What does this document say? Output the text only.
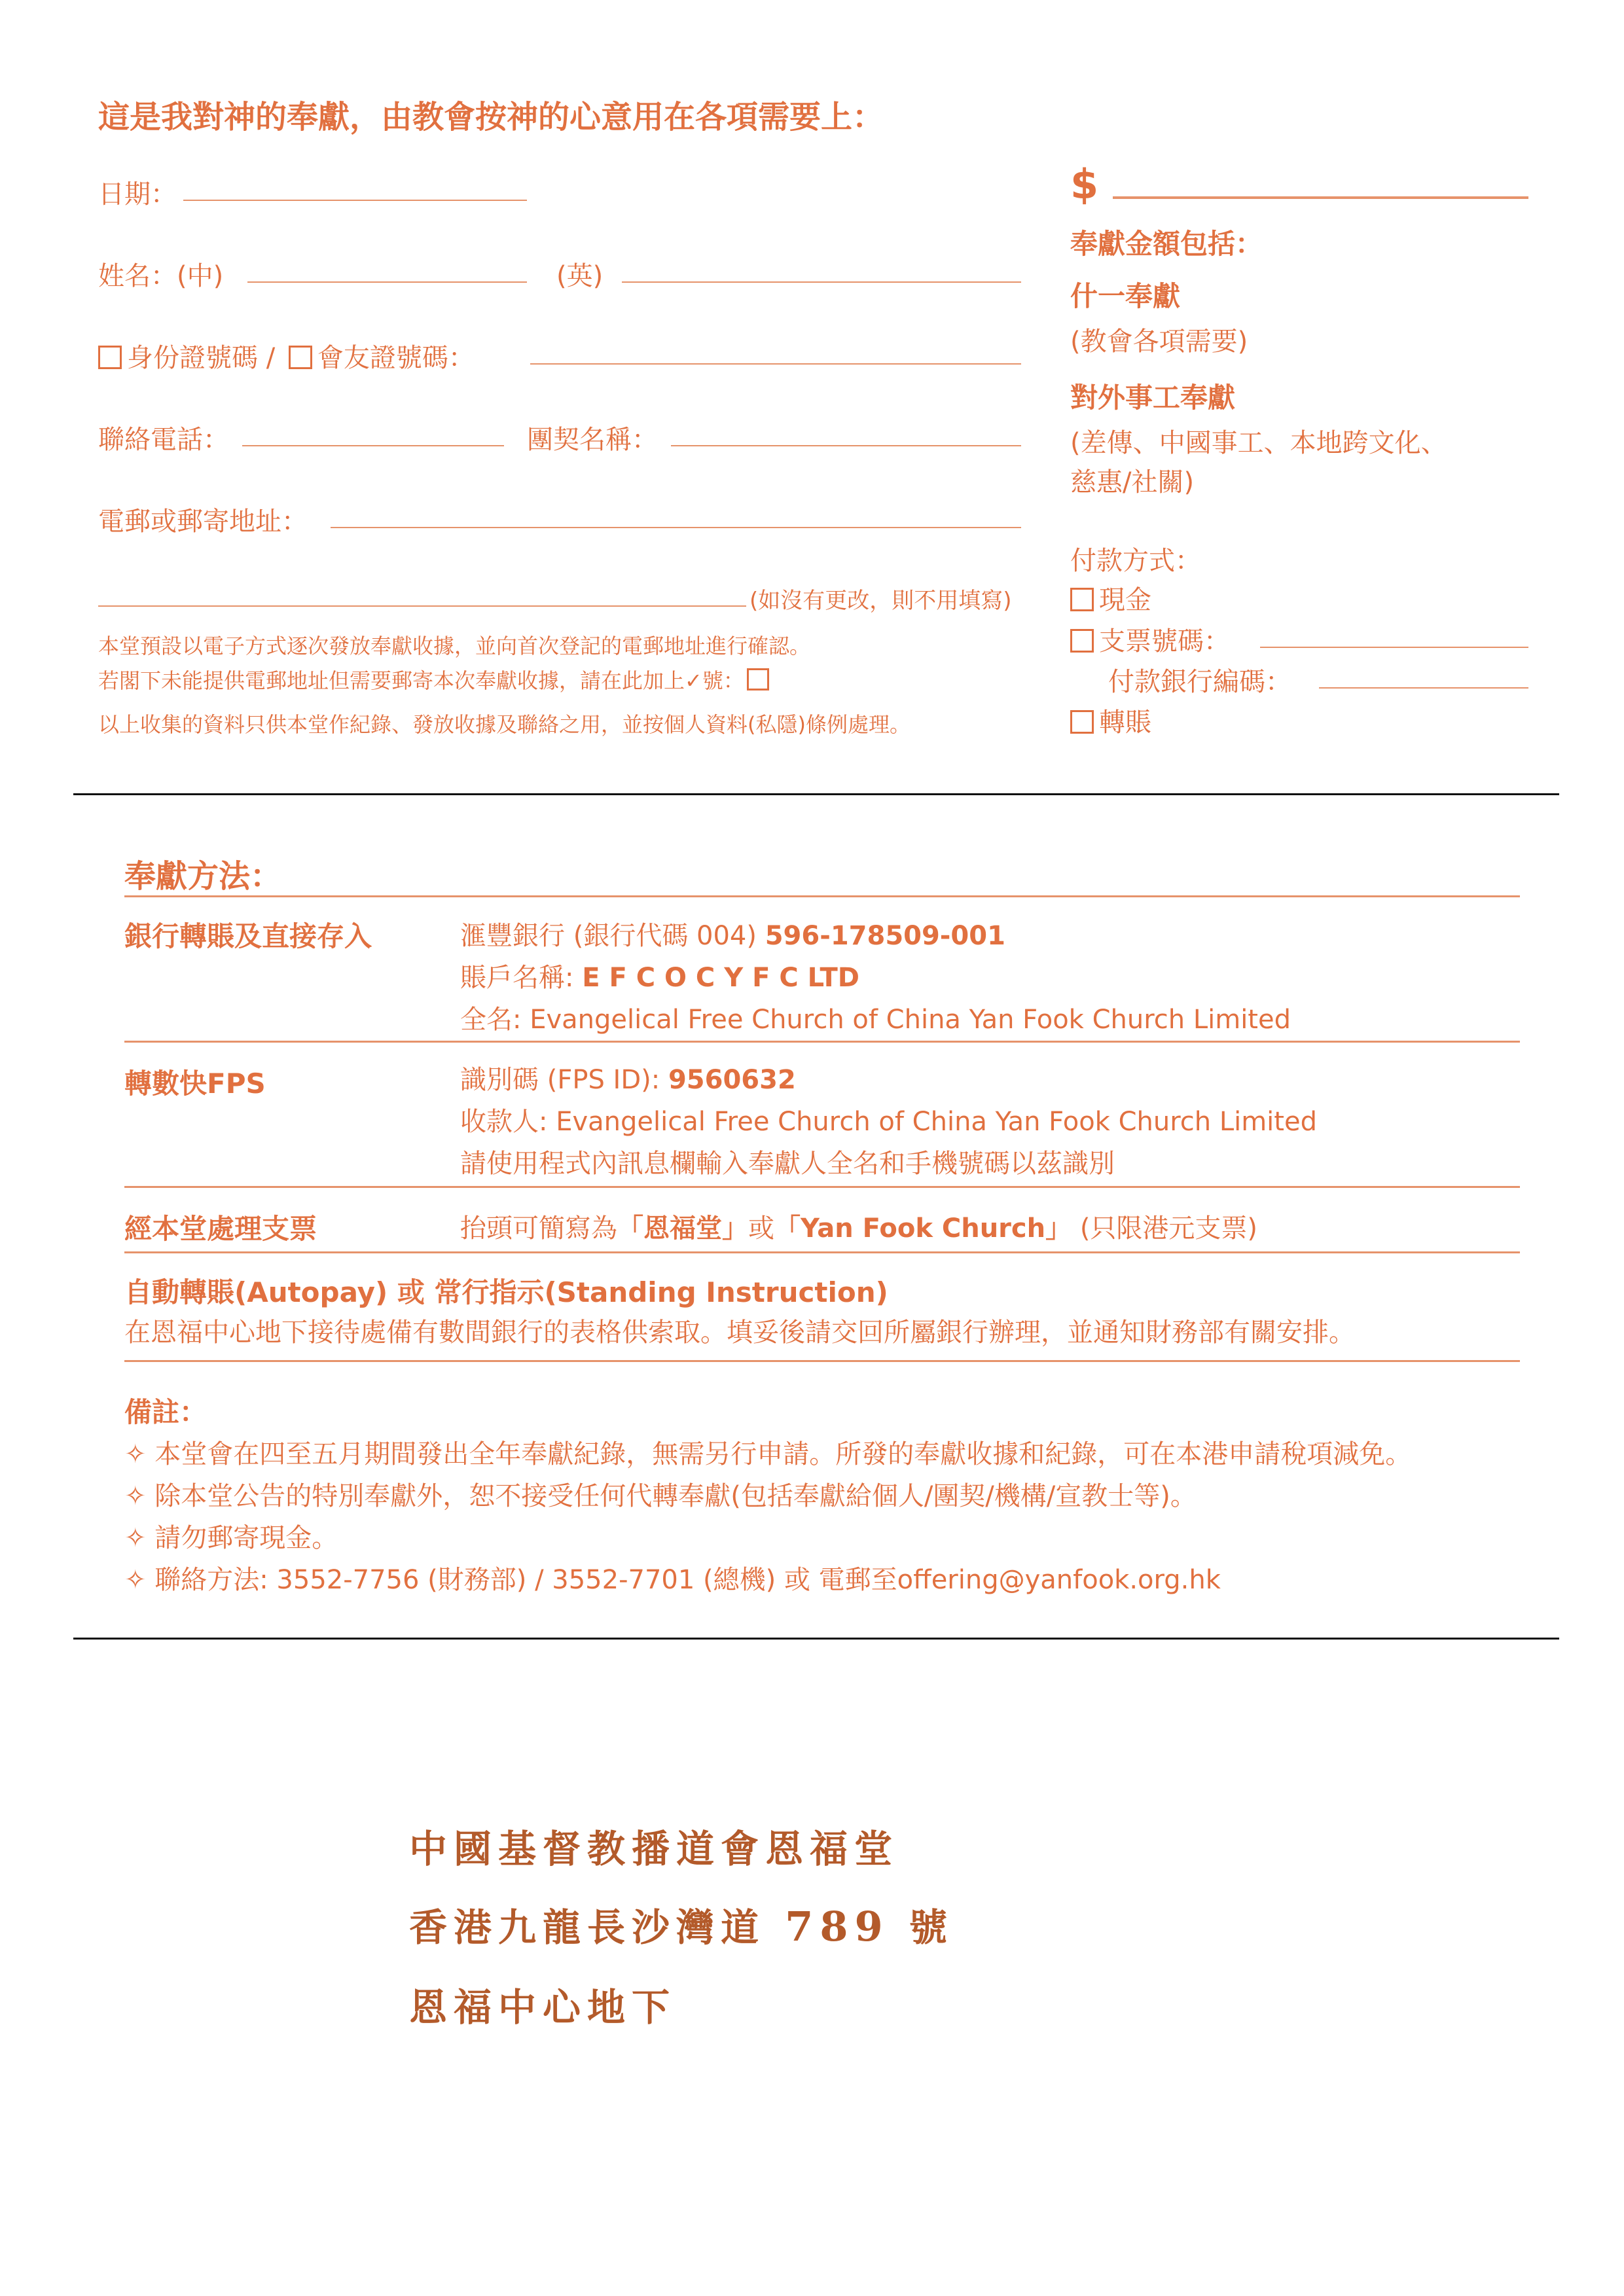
這是我對神的奉獻，由教會按神的心意用在各項需要上：
日期：
姓名：(中)	(英)
身份證號碼 / 會友證號碼：
聯絡電話：	團契名稱：
電郵或郵寄地址：
(如沒有更改，則不用填寫)
本堂預設以電子方式逐次發放奉獻收據，並向首次登記的電郵地址進行確認。
若閣下未能提供電郵地址但需要郵寄本次奉獻收據，請在此加上✓號：
以上收集的資料只供本堂作紀錄、發放收據及聯絡之用，並按個人資料(私隱)條例處理。
$
奉獻金額包括：
什一奉獻
(教會各項需要)
對外事工奉獻
(差傳、中國事工、本地跨文化、
慈惠/社關)
付款方式：
現金
支票號碼：
付款銀行編碼：
轉賬
奉獻方法：
銀行轉賬及直接存入	滙豐銀行 (銀行代碼 004) 596-178509-001
賬戶名稱: E F C O C Y F C LTD
全名: Evangelical Free Church of China Yan Fook Church Limited
轉數快FPS	識別碼 (FPS ID): 9560632
收款人: Evangelical Free Church of China Yan Fook Church Limited
請使用程式內訊息欄輸入奉獻人全名和手機號碼以茲識別
經本堂處理支票	抬頭可簡寫為「恩福堂」或「Yan Fook Church」 (只限港元支票)
自動轉賬(Autopay) 或 常行指示(Standing Instruction)
在恩福中心地下接待處備有數間銀行的表格供索取。填妥後請交回所屬銀行辦理，並通知財務部有關安排。
備註：
✧ 本堂會在四至五月期間發出全年奉獻紀錄，無需另行申請。所發的奉獻收據和紀錄，可在本港申請稅項減免。
✧ 除本堂公告的特別奉獻外，恕不接受任何代轉奉獻(包括奉獻給個人/團契/機構/宣教士等)。
✧ 請勿郵寄現金。
✧ 聯絡方法: 3552-7756 (財務部) / 3552-7701 (總機) 或 電郵至offering@yanfook.org.hk
中國基督教播道會恩福堂
香港九龍長沙灣道 789 號
恩福中心地下
